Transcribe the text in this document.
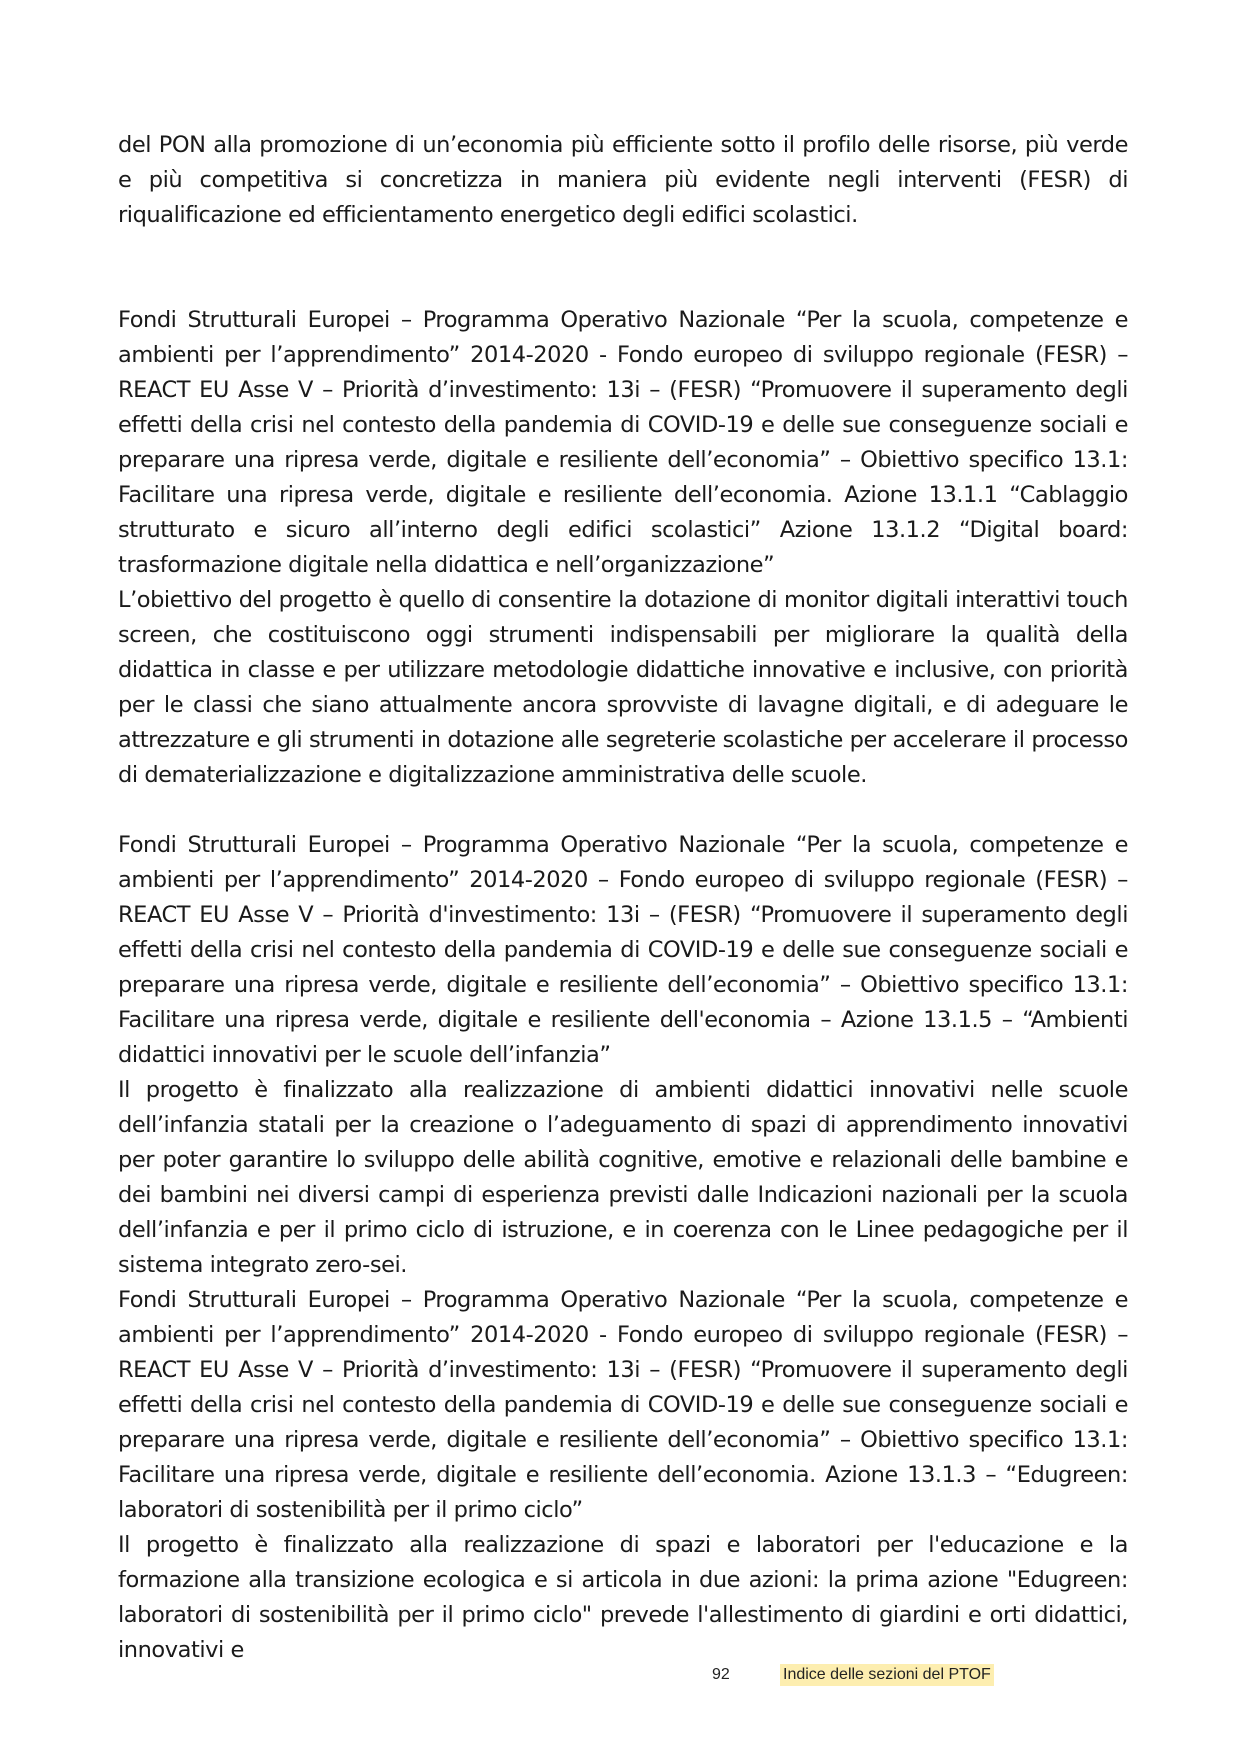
del PON alla promozione di un’economia più efficiente sotto il profilo delle risorse, più verde e più competitiva si concretizza in maniera più evidente negli interventi (FESR) di riqualificazione ed efficientamento energetico degli edifici scolastici.

Fondi Strutturali Europei – Programma Operativo Nazionale “Per la scuola, competenze e ambienti per l’apprendimento” 2014-2020 - Fondo europeo di sviluppo regionale (FESR) – REACT EU Asse V – Priorità d’investimento: 13i – (FESR) “Promuovere il superamento degli effetti della crisi nel contesto della pandemia di COVID-19 e delle sue conseguenze sociali e preparare una ripresa verde, digitale e resiliente dell’economia” – Obiettivo specifico 13.1: Facilitare una ripresa verde, digitale e resiliente dell’economia. Azione 13.1.1 “Cablaggio strutturato e sicuro all’interno degli edifici scolastici” Azione 13.1.2 “Digital board: trasformazione digitale nella didattica e nell’organizzazione”

L’obiettivo del progetto è quello di consentire la dotazione di monitor digitali interattivi touch screen, che costituiscono oggi strumenti indispensabili per migliorare la qualità della didattica in classe e per utilizzare metodologie didattiche innovative e inclusive, con priorità per le classi che siano attualmente ancora sprovviste di lavagne digitali, e di adeguare le attrezzature e gli strumenti in dotazione alle segreterie scolastiche per accelerare il processo di dematerializzazione e digitalizzazione amministrativa delle scuole.

Fondi Strutturali Europei – Programma Operativo Nazionale “Per la scuola, competenze e ambienti per l’apprendimento” 2014-2020 – Fondo europeo di sviluppo regionale (FESR) – REACT EU Asse V – Priorità d'investimento: 13i – (FESR) “Promuovere il superamento degli effetti della crisi nel contesto della pandemia di COVID-19 e delle sue conseguenze sociali e preparare una ripresa verde, digitale e resiliente dell’economia” – Obiettivo specifico 13.1: Facilitare una ripresa verde, digitale e resiliente dell'economia – Azione 13.1.5 – “Ambienti didattici innovativi per le scuole dell’infanzia”

Il progetto è finalizzato alla realizzazione di ambienti didattici innovativi nelle scuole dell’infanzia statali per la creazione o l’adeguamento di spazi di apprendimento innovativi per poter garantire lo sviluppo delle abilità cognitive, emotive e relazionali delle bambine e dei bambini nei diversi campi di esperienza previsti dalle Indicazioni nazionali per la scuola dell’infanzia e per il primo ciclo di istruzione, e in coerenza con le Linee pedagogiche per il sistema integrato zero-sei.

Fondi Strutturali Europei – Programma Operativo Nazionale “Per la scuola, competenze e ambienti per l’apprendimento” 2014-2020 - Fondo europeo di sviluppo regionale (FESR) – REACT EU Asse V – Priorità d’investimento: 13i – (FESR) “Promuovere il superamento degli effetti della crisi nel contesto della pandemia di COVID-19 e delle sue conseguenze sociali e preparare una ripresa verde, digitale e resiliente dell’economia” – Obiettivo specifico 13.1: Facilitare una ripresa verde, digitale e resiliente dell’economia. Azione 13.1.3 – “Edugreen: laboratori di sostenibilità per il primo ciclo”

Il progetto è finalizzato alla realizzazione di spazi e laboratori per l'educazione e la formazione alla transizione ecologica e si articola in due azioni: la prima azione "Edugreen: laboratori di sostenibilità per il primo ciclo" prevede l'allestimento di giardini e orti didattici, innovativi e

92	Indice delle sezioni del PTOF
